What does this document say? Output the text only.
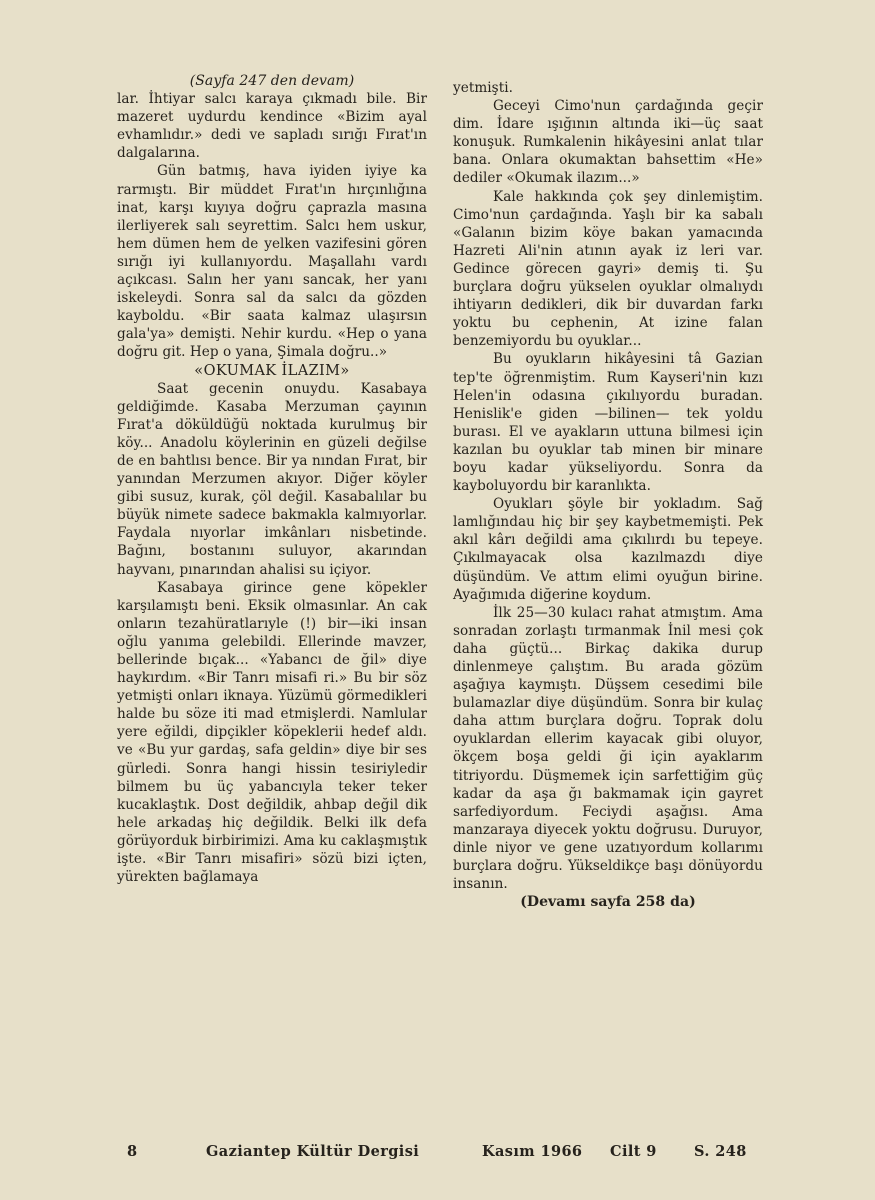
(Sayfa 247 den devam)

lar. İhtiyar salcı karaya çıkmadı bile. Bir mazeret uydurdu kendince «Bizim ayal evhamlıdır.» dedi ve sapladı sırığı Fırat'ın dalgalarına.

Gün batmış, hava iyiden iyiye ka rarmıştı. Bir müddet Fırat'ın hırçınlığına inat, karşı kıyıya doğru çaprazla masına ilerliyerek salı seyrettim. Salcı hem uskur, hem dümen hem de yelken vazifesini gören sırığı iyi kullanıyordu. Maşallahı vardı açıkcası. Salın her yanı sancak, her yanı iskeleydi. Sonra sal da salcı da gözden kayboldu. «Bir saata kalmaz ulaşırsın gala'ya» demişti. Nehir kurdu. «Hep o yana doğru git. Hep o yana, Şimala doğru..»

«OKUMAK İLAZIM»

Saat gecenin onuydu. Kasabaya geldiğimde. Kasaba Merzuman çayının Fırat'a döküldüğü noktada kurulmuş bir köy... Anadolu köylerinin en güzeli değilse de en bahtlısı bence. Bir ya nından Fırat, bir yanından Merzumen akıyor. Diğer köyler gibi susuz, kurak, çöl değil. Kasabalılar bu büyük nimete sadece bakmakla kalmıyorlar. Faydala nıyorlar imkânları nisbetinde. Bağını, bostanını suluyor, akarından hayvanı, pınarından ahalisi su içiyor.

Kasabaya girince gene köpekler karşılamıştı beni. Eksik olmasınlar. An cak onların tezahüratlarıyle (!) bir—iki insan oğlu yanıma gelebildi. Ellerinde mavzer, bellerinde bıçak... «Yabancı de ğil» diye haykırdım. «Bir Tanrı misafi ri.» Bu bir söz yetmişti onları iknaya. Yüzümü görmedikleri halde bu söze iti mad etmişlerdi. Namlular yere eğildi, dipçikler köpeklerii hedef aldı. ve «Bu yur gardaş, safa geldin» diye bir ses gürledi. Sonra hangi hissin tesiriyledir bilmem bu üç yabancıyla teker teker kucaklaştık. Dost değildik, ahbap değil dik hele arkadaş hiç değildik. Belki ilk defa görüyorduk birbirimizi. Ama ku caklaşmıştık işte. «Bir Tanrı misafiri» sözü bizi içten, yürekten bağlamaya

yetmişti.

Geceyi Cimo'nun çardağında geçir dim. İdare ışığının altında iki—üç saat konuşuk. Rumkalenin hikâyesini anlat tılar bana. Onlara okumaktan bahsettim «He» dediler «Okumak ilazım...»

Kale hakkında çok şey dinlemiştim. Cimo'nun çardağında. Yaşlı bir ka sabalı «Galanın bizim köye bakan yamacında Hazreti Ali'nin atının ayak iz leri var. Gedince görecen gayri» demiş ti. Şu burçlara doğru yükselen oyuklar olmalıydı ihtiyarın dedikleri, dik bir duvardan farkı yoktu bu cephenin, At izine falan benzemiyordu bu oyuklar...

Bu oyukların hikâyesini tâ Gazian tep'te öğrenmiştim. Rum Kayseri'nin kızı Helen'in odasına çıkılıyordu buradan. Henislik'e giden —bilinen— tek yoldu burası. El ve ayakların uttuna bilmesi için kazılan bu oyuklar tab minen bir minare boyu kadar yükseliyordu. Sonra da kayboluyordu bir karanlıkta.

Oyukları şöyle bir yokladım. Sağ lamlığındau hiç bir şey kaybetmemişti. Pek akıl kârı değildi ama çıkılırdı bu tepeye. Çıkılmayacak olsa kazılmazdı diye düşündüm. Ve attım elimi oyuğun birine. Ayağımıda diğerine koydum.

İlk 25—30 kulacı rahat atmıştım. Ama sonradan zorlaştı tırmanmak İnil mesi çok daha güçtü... Birkaç dakika durup dinlenmeye çalıştım. Bu arada gözüm aşağıya kaymıştı. Düşsem cesedimi bile bulamazlar diye düşündüm. Sonra bir kulaç daha attım burçlara doğru. Toprak dolu oyuklardan ellerim kayacak gibi oluyor, ökçem boşa geldi ği için ayaklarım titriyordu. Düşmemek için sarfettiğim güç kadar da aşa ğı bakmamak için gayret sarfediyordum. Feciydi aşağısı. Ama manzaraya diyecek yoktu doğrusu. Duruyor, dinle niyor ve gene uzatıyordum kollarımı burçlara doğru. Yükseldikçe başı dönüyordu insanın.

(Devamı sayfa 258 da)

8	Gaziantep Kültür Dergisi	Kasım 1966 Cilt 9	S. 248
